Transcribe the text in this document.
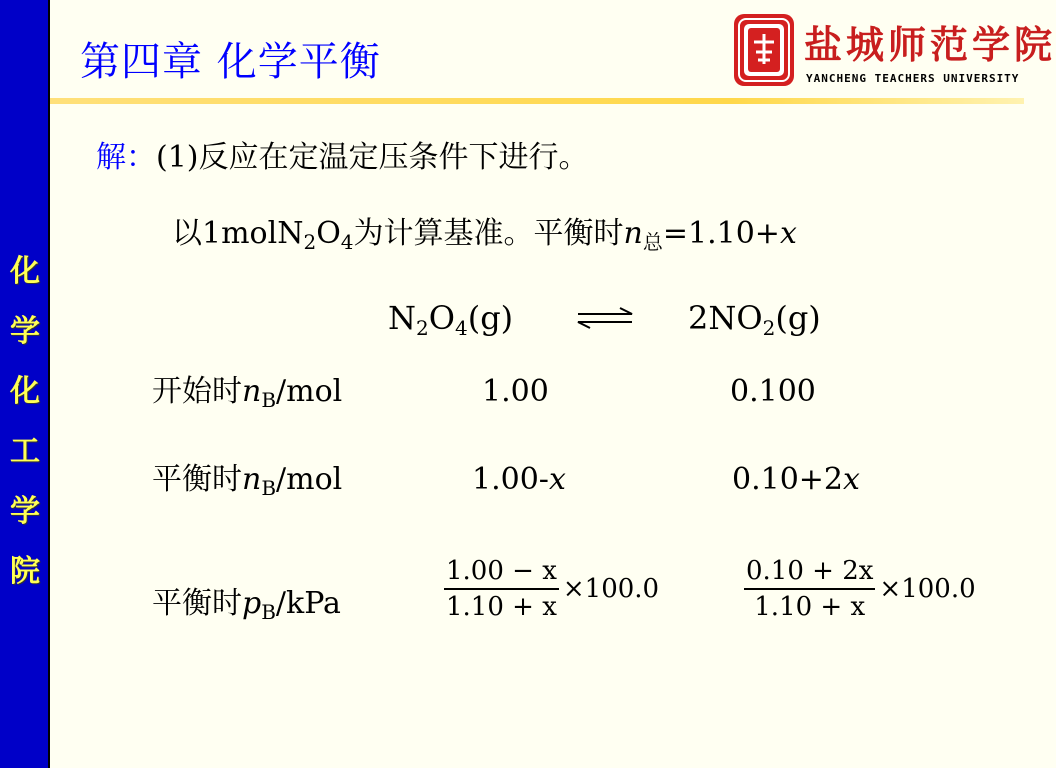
化
学
化
工
学
院
第四章 化学平衡	盐城师范学院
YANCHENG TEACHERS UNIVERSITY
解：(1)反应在定温定压条件下进行。
以$1molN_2O_4$为计算基准。平衡时$n_总=1.10+x$
$N_2O_4(g)$	$2NO_2(g)$
开始时$n_B$/mol	1.00	0.100
平衡时$n_B$/mol	1.00-x	0.10+2x
平衡时$p_B$/kPa	$\frac{1.00 - x}{1.10 + x} \times 100.0$	$\frac{0.10 + 2x}{1.10 + x} \times 100.0$
